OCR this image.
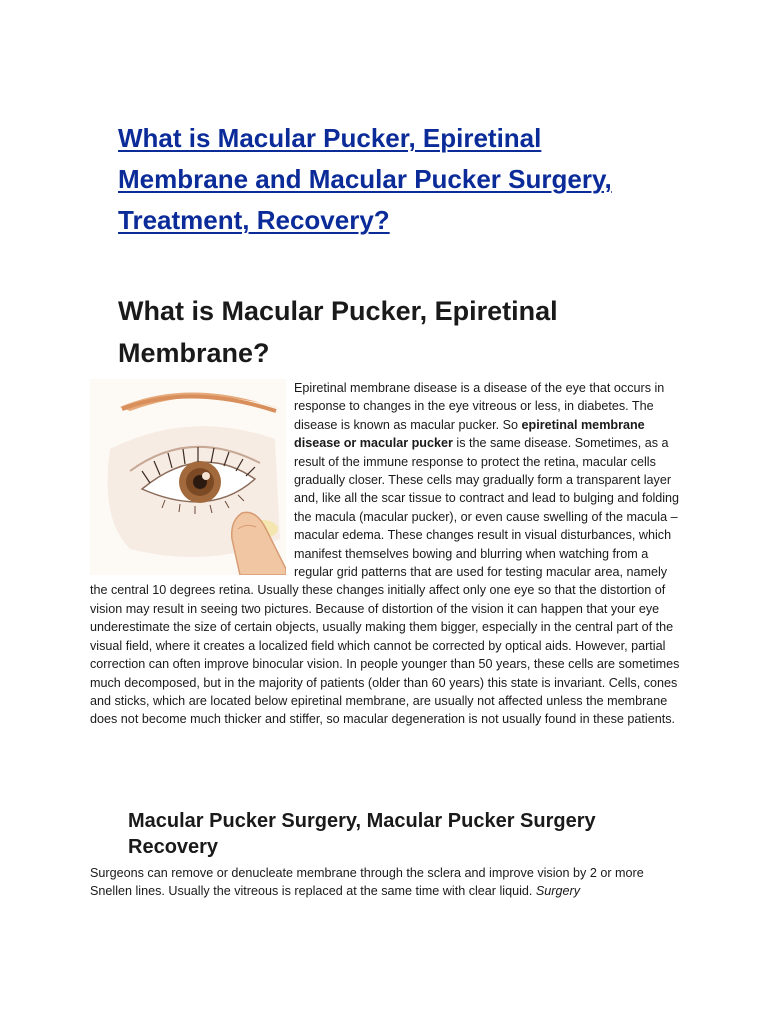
What is Macular Pucker, Epiretinal Membrane and Macular Pucker Surgery, Treatment, Recovery?
What is Macular Pucker, Epiretinal Membrane?

Epiretinal membrane disease is a disease of the eye that occurs in response to changes in the eye vitreous or less, in diabetes. The disease is known as macular pucker. So epiretinal membrane disease or macular pucker is the same disease. Sometimes, as a result of the immune response to protect the retina, macular cells gradually closer. These cells may gradually form a transparent layer and, like all the scar tissue to contract and lead to bulging and folding the macula (macular pucker), or even cause swelling of the macula – macular edema. These changes result in visual disturbances, which manifest themselves bowing and blurring when watching from a regular grid patterns that are used for testing macular area, namely the central 10 degrees retina. Usually these changes initially affect only one eye so that the distortion of vision may result in seeing two pictures. Because of distortion of the vision it can happen that your eye underestimate the size of certain objects, usually making them bigger, especially in the central part of the visual field, where it creates a localized field which cannot be corrected by optical aids. However, partial correction can often improve binocular vision. In people younger than 50 years, these cells are sometimes much decomposed, but in the majority of patients (older than 60 years) this state is invariant. Cells, cones and sticks, which are located below epiretinal membrane, are usually not affected unless the membrane does not become much thicker and stiffer, so macular degeneration is not usually found in these patients.

Macular Pucker Surgery, Macular Pucker Surgery Recovery
Surgeons can remove or denucleate membrane through the sclera and improve vision by 2 or more Snellen lines. Usually the vitreous is replaced at the same time with clear liquid. Surgery
